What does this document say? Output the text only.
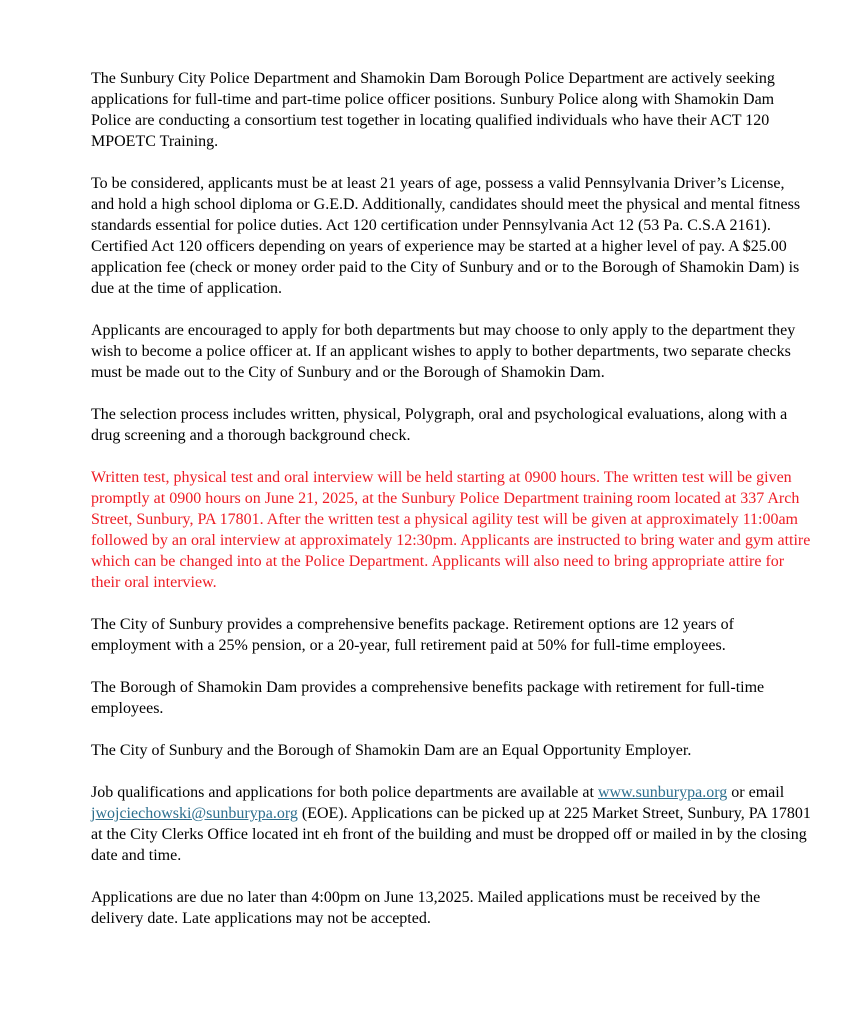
The Sunbury City Police Department and Shamokin Dam Borough Police Department are actively seeking applications for full-time and part-time police officer positions. Sunbury Police along with Shamokin Dam Police are conducting a consortium test together in locating qualified individuals who have their ACT 120 MPOETC Training.

To be considered, applicants must be at least 21 years of age, possess a valid Pennsylvania Driver’s License, and hold a high school diploma or G.E.D. Additionally, candidates should meet the physical and mental fitness standards essential for police duties. Act 120 certification under Pennsylvania Act 12 (53 Pa. C.S.A 2161). Certified Act 120 officers depending on years of experience may be started at a higher level of pay. A $25.00 application fee (check or money order paid to the City of Sunbury and or to the Borough of Shamokin Dam) is due at the time of application.

Applicants are encouraged to apply for both departments but may choose to only apply to the department they wish to become a police officer at. If an applicant wishes to apply to bother departments, two separate checks must be made out to the City of Sunbury and or the Borough of Shamokin Dam.

The selection process includes written, physical, Polygraph, oral and psychological evaluations, along with a drug screening and a thorough background check.

Written test, physical test and oral interview will be held starting at 0900 hours. The written test will be given promptly at 0900 hours on June 21, 2025, at the Sunbury Police Department training room located at 337 Arch Street, Sunbury, PA 17801. After the written test a physical agility test will be given at approximately 11:00am followed by an oral interview at approximately 12:30pm. Applicants are instructed to bring water and gym attire which can be changed into at the Police Department. Applicants will also need to bring appropriate attire for their oral interview.

The City of Sunbury provides a comprehensive benefits package. Retirement options are 12 years of employment with a 25% pension, or a 20-year, full retirement paid at 50% for full-time employees.

The Borough of Shamokin Dam provides a comprehensive benefits package with retirement for full-time employees.

The City of Sunbury and the Borough of Shamokin Dam are an Equal Opportunity Employer.

Job qualifications and applications for both police departments are available at www.sunburypa.org or email jwojciechowski@sunburypa.org (EOE). Applications can be picked up at 225 Market Street, Sunbury, PA 17801 at the City Clerks Office located int eh front of the building and must be dropped off or mailed in by the closing date and time.

Applications are due no later than 4:00pm on June 13,2025. Mailed applications must be received by the delivery date. Late applications may not be accepted.
